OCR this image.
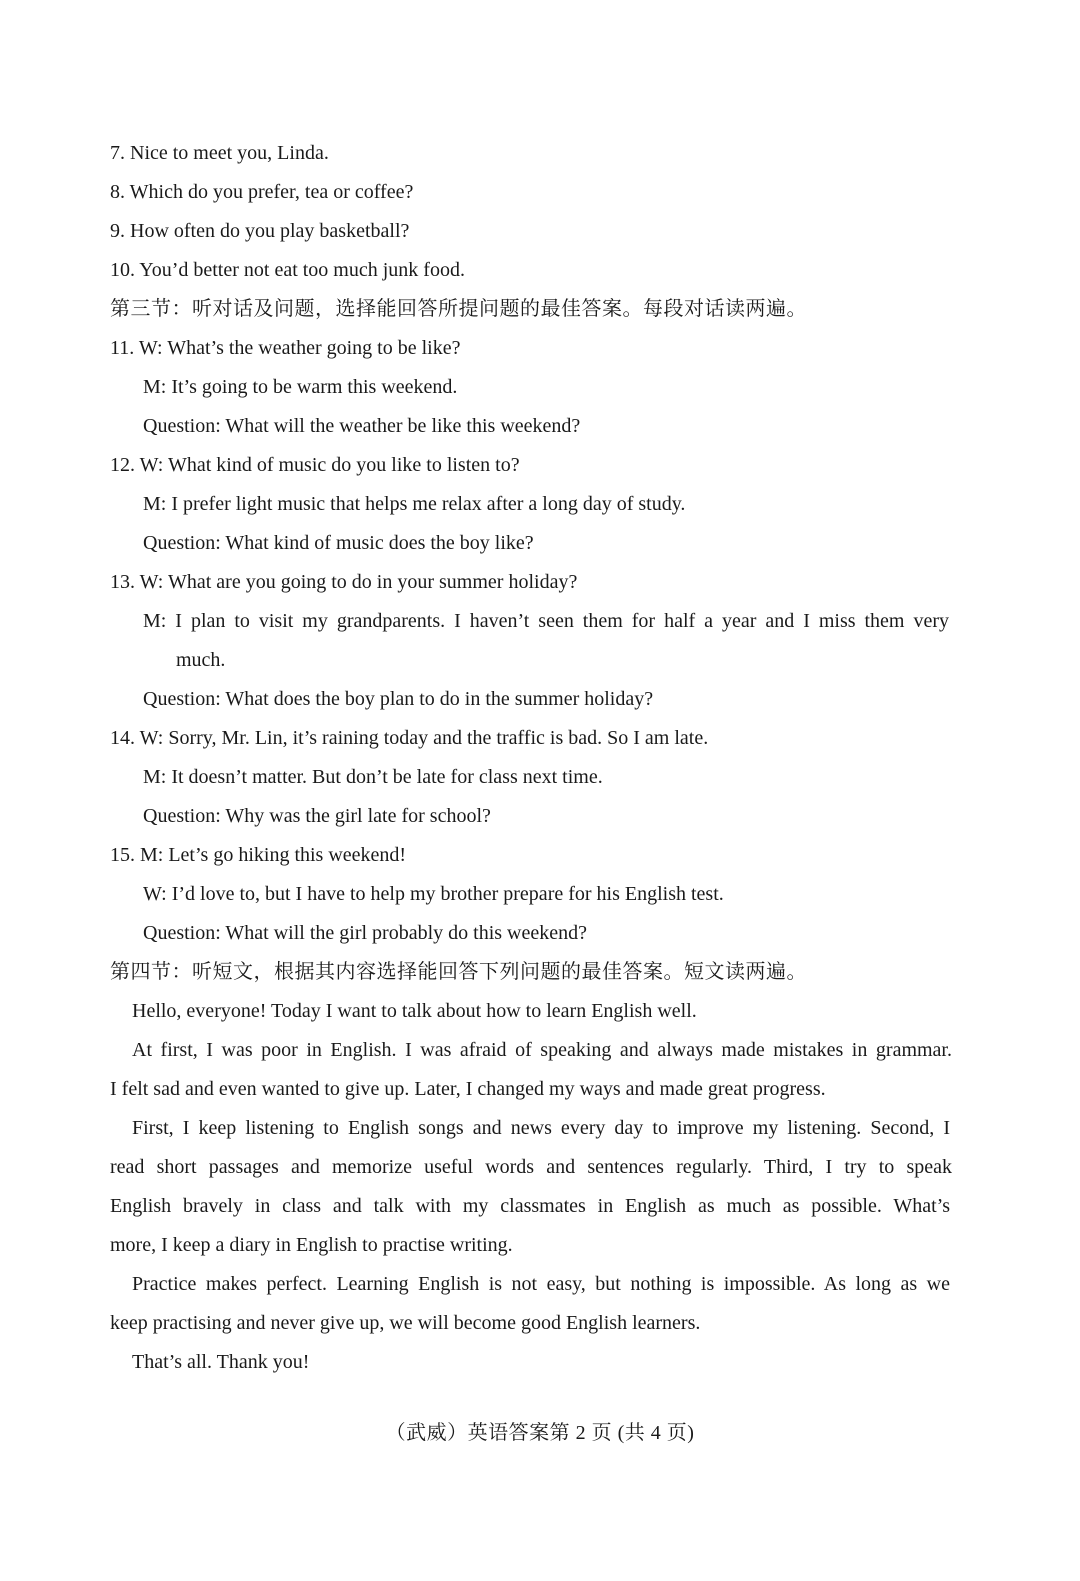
7. Nice to meet you, Linda.
8. Which do you prefer, tea or coffee?
9. How often do you play basketball?
10. You’d better not eat too much junk food.
第三节：听对话及问题，选择能回答所提问题的最佳答案。每段对话读两遍。
11. W: What’s the weather going to be like?
M: It’s going to be warm this weekend.
Question: What will the weather be like this weekend?
12. W: What kind of music do you like to listen to?
M: I prefer light music that helps me relax after a long day of study.
Question: What kind of music does the boy like?
13. W: What are you going to do in your summer holiday?
M: I plan to visit my grandparents. I haven’t seen them for half a year and I miss them very
much.
Question: What does the boy plan to do in the summer holiday?
14. W: Sorry, Mr. Lin, it’s raining today and the traffic is bad. So I am late.
M: It doesn’t matter. But don’t be late for class next time.
Question: Why was the girl late for school?
15. M: Let’s go hiking this weekend!
W: I’d love to, but I have to help my brother prepare for his English test.
Question: What will the girl probably do this weekend?
第四节：听短文，根据其内容选择能回答下列问题的最佳答案。短文读两遍。
Hello, everyone! Today I want to talk about how to learn English well.
At first, I was poor in English. I was afraid of speaking and always made mistakes in grammar.
I felt sad and even wanted to give up. Later, I changed my ways and made great progress.
First, I keep listening to English songs and news every day to improve my listening. Second, I
read short passages and memorize useful words and sentences regularly. Third, I try to speak
English bravely in class and talk with my classmates in English as much as possible. What’s
more, I keep a diary in English to practise writing.
Practice makes perfect. Learning English is not easy, but nothing is impossible. As long as we
keep practising and never give up, we will become good English learners.
That’s all. Thank you!
（武威）英语答案第 2 页 (共 4 页)
